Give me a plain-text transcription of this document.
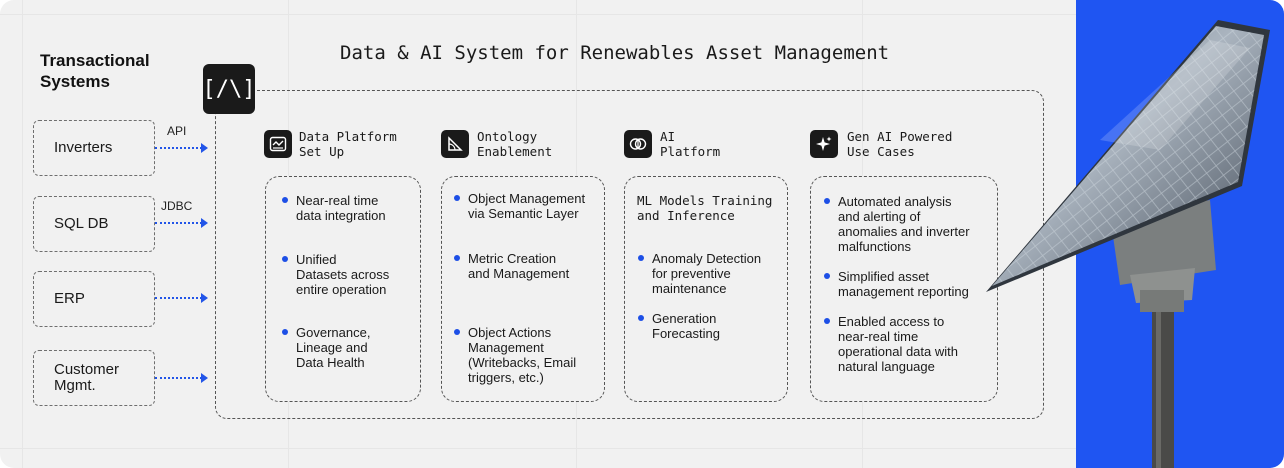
Data & AI System for Renewables Asset Management
Transactional Systems
Inverters
SQL DB
ERP
Customer Mgmt.
API
JDBC
[/\]
Data Platform
Set Up
Ontology
Enablement
AI
Platform
Gen AI Powered
Use Cases
Near-real time
data integration
Unified
Datasets across
entire operation
Governance,
Lineage and
Data Health
Object Management
via Semantic Layer
Metric Creation
and Management
Object Actions
Management
(Writebacks, Email
triggers, etc.)
ML Models Training
and Inference
Anomaly Detection
for preventive
maintenance
Generation
Forecasting
Automated analysis
and alerting of
anomalies and inverter
malfunctions
Simplified asset
management reporting
Enabled access to
near-real time
operational data with
natural language
